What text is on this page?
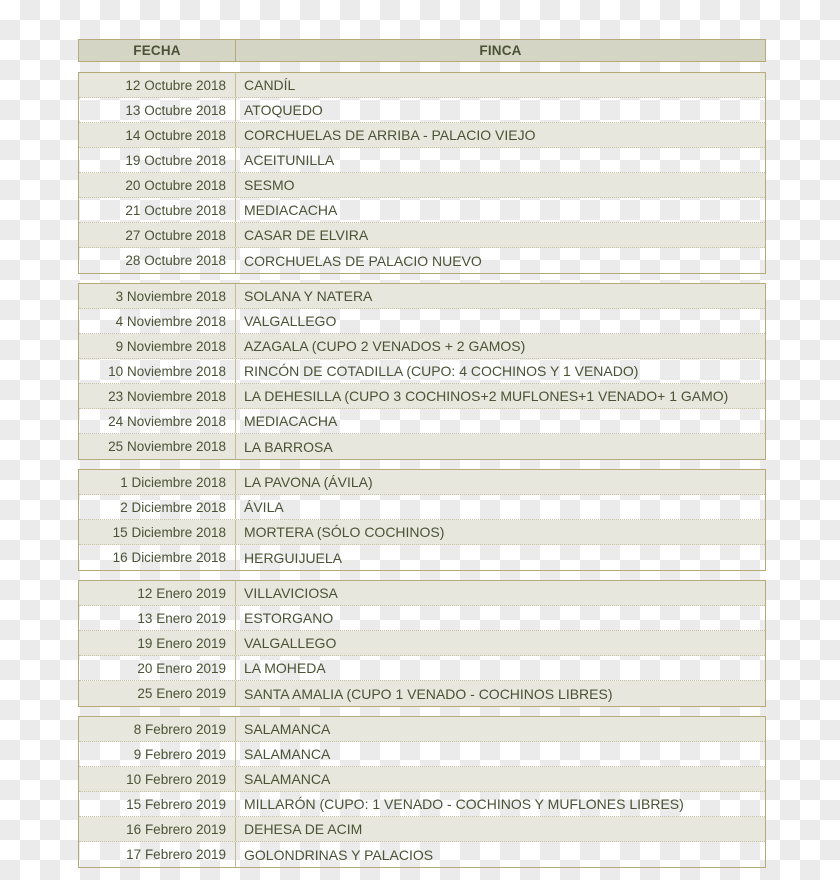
FECHA	FINCA
12 Octubre 2018	CANDÍL
13 Octubre 2018	ATOQUEDO
14 Octubre 2018	CORCHUELAS DE ARRIBA - PALACIO VIEJO
19 Octubre 2018	ACEITUNILLA
20 Octubre 2018	SESMO
21 Octubre 2018	MEDIACACHA
27 Octubre 2018	CASAR DE ELVIRA
28 Octubre 2018	CORCHUELAS DE PALACIO NUEVO
3 Noviembre 2018	SOLANA Y NATERA
4 Noviembre 2018	VALGALLEGO
9 Noviembre 2018	AZAGALA (CUPO 2 VENADOS + 2 GAMOS)
10 Noviembre 2018	RINCÓN DE COTADILLA (CUPO: 4 COCHINOS Y 1 VENADO)
23 Noviembre 2018	LA DEHESILLA (CUPO 3 COCHINOS+2 MUFLONES+1 VENADO+ 1 GAMO)
24 Noviembre 2018	MEDIACACHA
25 Noviembre 2018	LA BARROSA
1 Diciembre 2018	LA PAVONA (ÁVILA)
2 Diciembre 2018	ÁVILA
15 Diciembre 2018	MORTERA (SÓLO COCHINOS)
16 Diciembre 2018	HERGUIJUELA
12 Enero 2019	VILLAVICIOSA
13 Enero 2019	ESTORGANO
19 Enero 2019	VALGALLEGO
20 Enero 2019	LA MOHEDA
25 Enero 2019	SANTA AMALIA (CUPO 1 VENADO - COCHINOS LIBRES)
8 Febrero 2019	SALAMANCA
9 Febrero 2019	SALAMANCA
10 Febrero 2019	SALAMANCA
15 Febrero 2019	MILLARÓN (CUPO: 1 VENADO - COCHINOS Y MUFLONES LIBRES)
16 Febrero 2019	DEHESA DE ACIM
17 Febrero 2019	GOLONDRINAS Y PALACIOS
